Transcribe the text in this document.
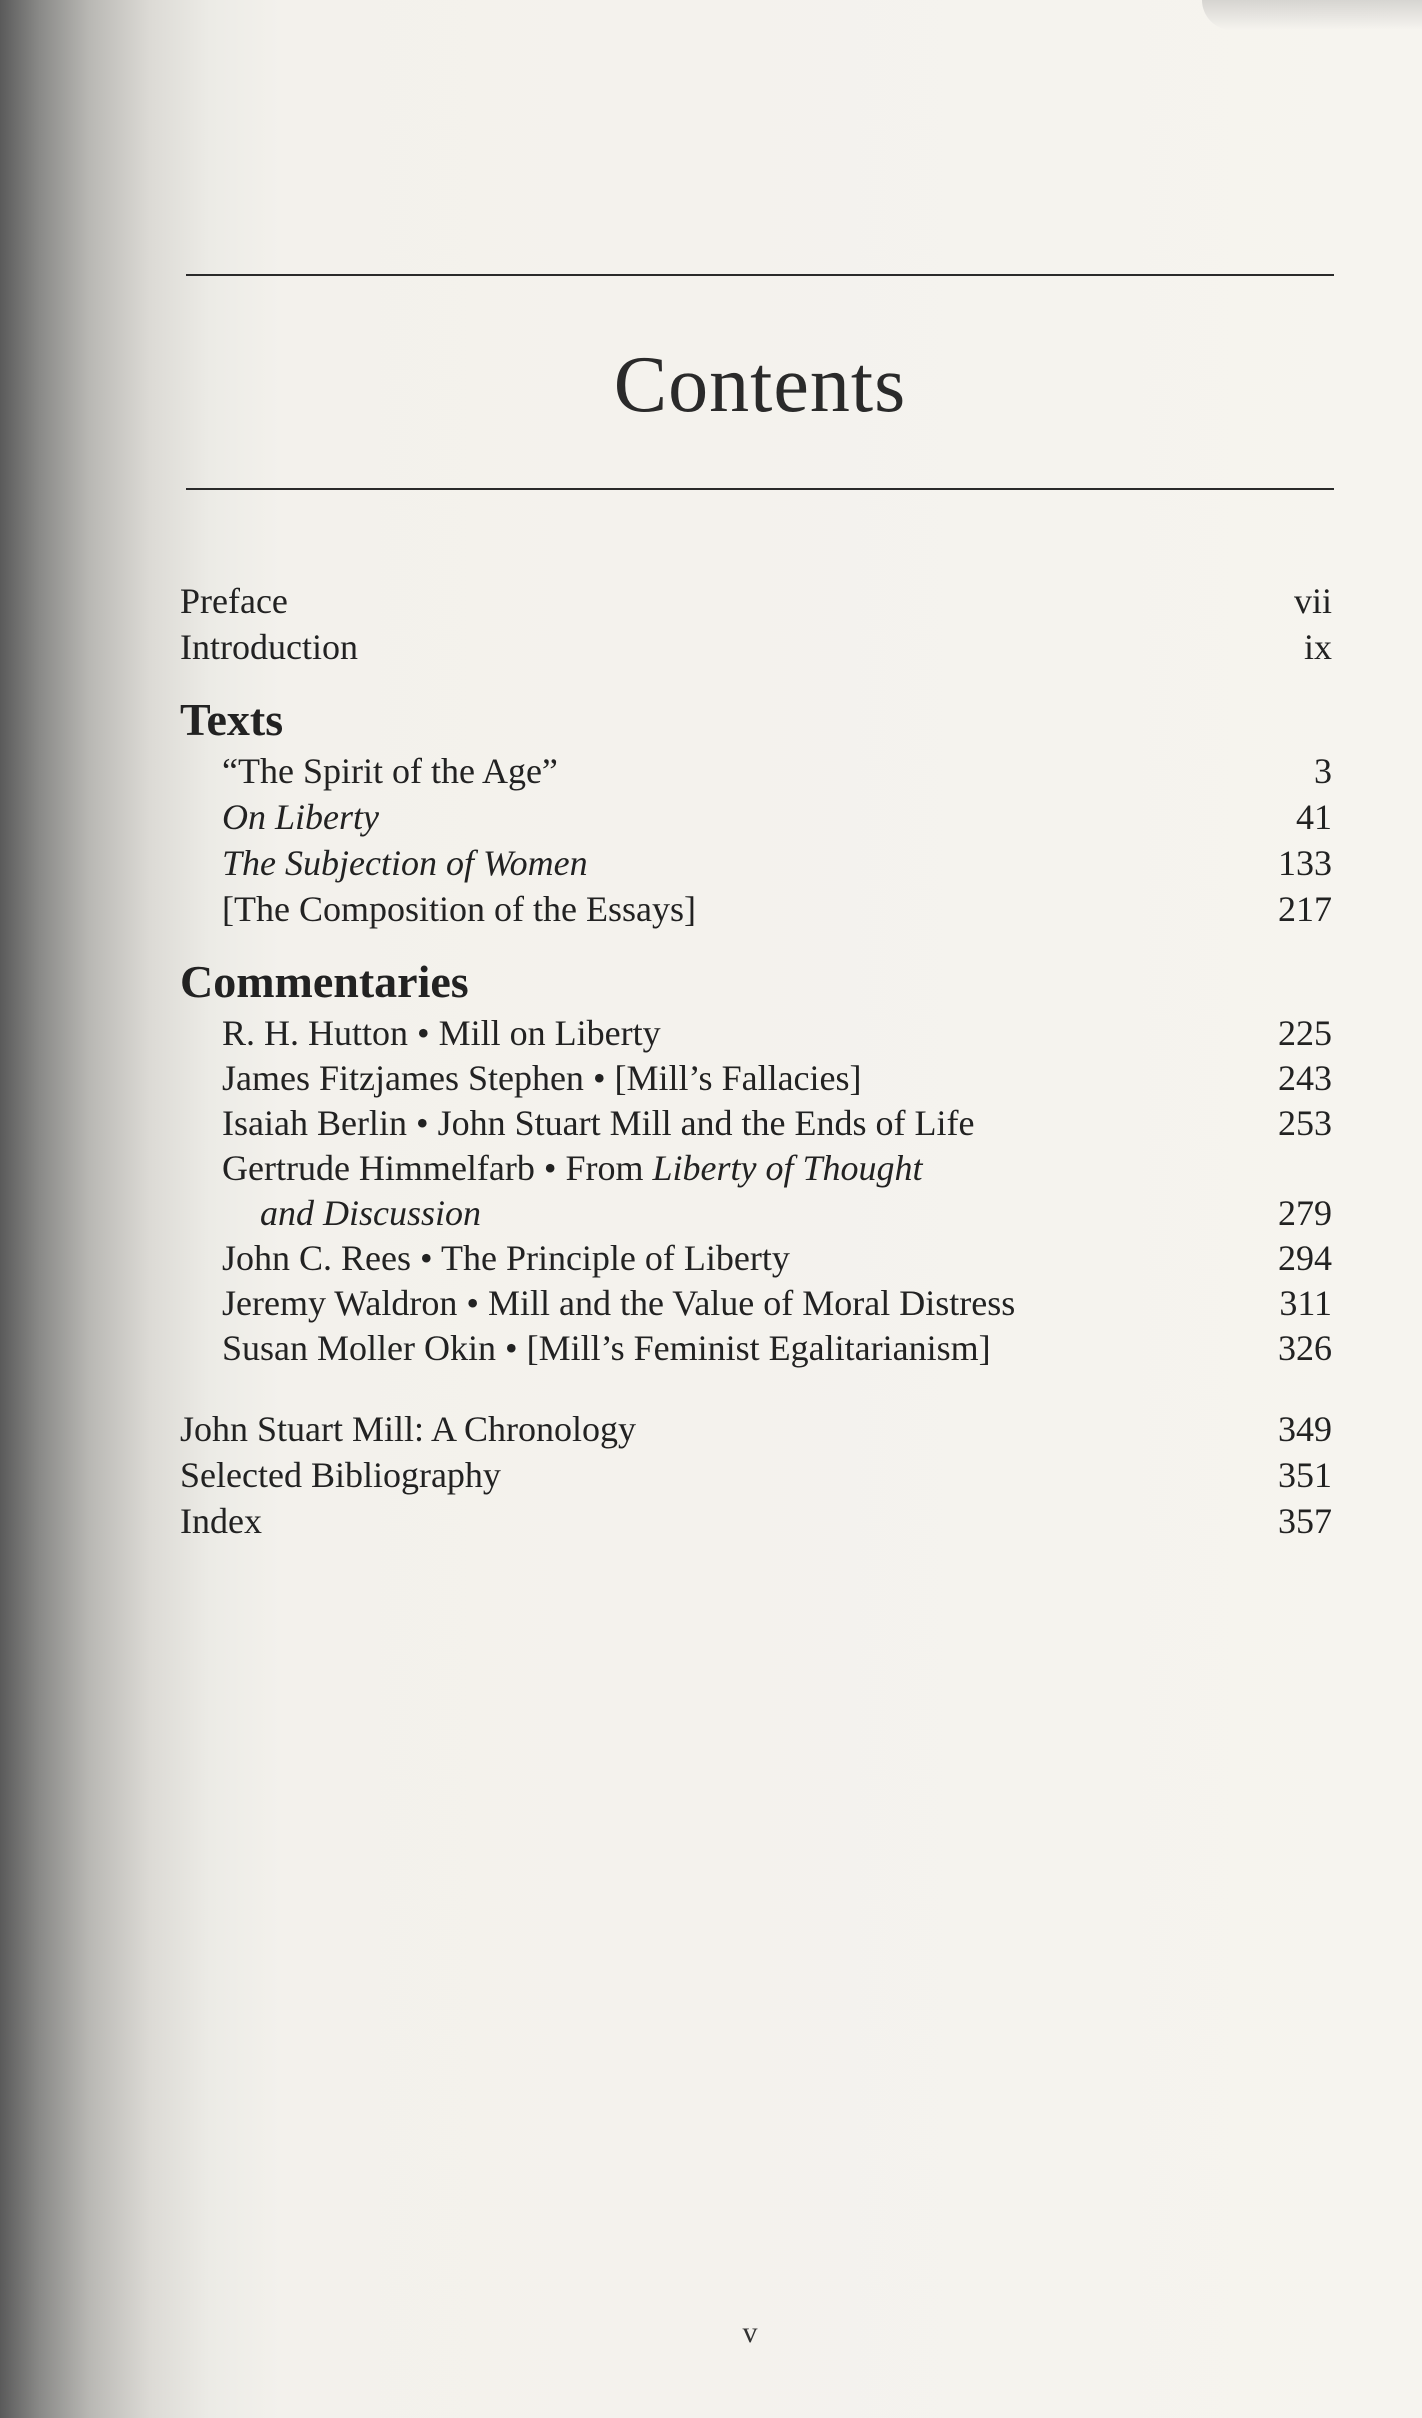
Contents
Preface	vii
Introduction	ix
Texts
“The Spirit of the Age”	3
On Liberty	41
The Subjection of Women	133
[The Composition of the Essays]	217
Commentaries
R. H. Hutton • Mill on Liberty	225
James Fitzjames Stephen • [Mill’s Fallacies]	243
Isaiah Berlin • John Stuart Mill and the Ends of Life	253
Gertrude Himmelfarb • From Liberty of Thought
and Discussion	279
John C. Rees • The Principle of Liberty	294
Jeremy Waldron • Mill and the Value of Moral Distress	311
Susan Moller Okin • [Mill’s Feminist Egalitarianism]	326
John Stuart Mill: A Chronology	349
Selected Bibliography	351
Index	357
v
